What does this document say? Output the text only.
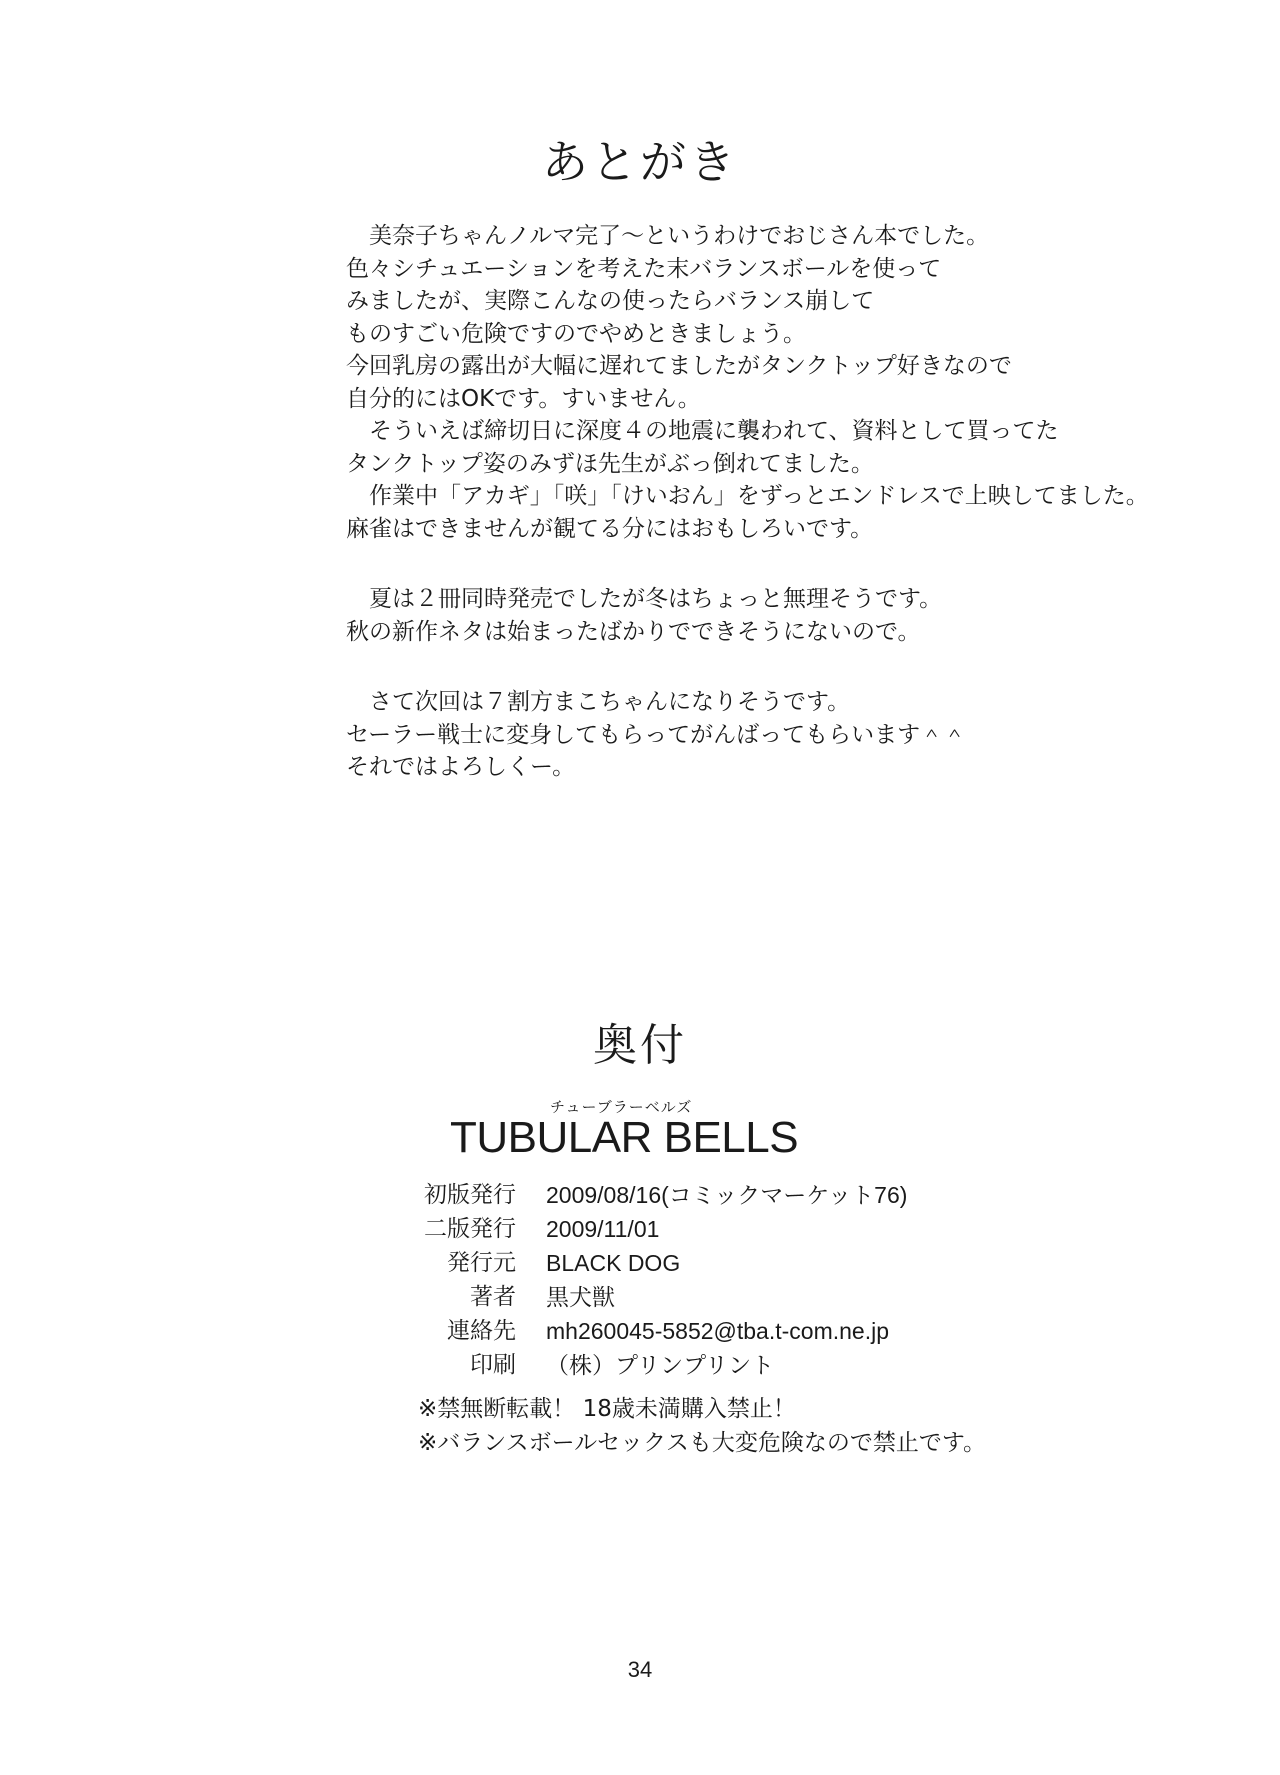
あとがき
美奈子ちゃんノルマ完了〜というわけでおじさん本でした。
色々シチュエーションを考えた末バランスボールを使って
みましたが、実際こんなの使ったらバランス崩して
ものすごい危険ですのでやめときましょう。
今回乳房の露出が大幅に遅れてましたがタンクトップ好きなので
自分的にはOKです。すいません。
そういえば締切日に深度４の地震に襲われて、資料として買ってた
タンクトップ姿のみずほ先生がぶっ倒れてました。
作業中「アカギ」「咲」「けいおん」をずっとエンドレスで上映してました。
麻雀はできませんが観てる分にはおもしろいです。
夏は２冊同時発売でしたが冬はちょっと無理そうです。
秋の新作ネタは始まったばかりでできそうにないので。
さて次回は７割方まこちゃんになりそうです。
セーラー戦士に変身してもらってがんばってもらいます＾＾
それではよろしくー。
奥付
チューブラーベルズ
TUBULAR BELLS
初版発行 2009/08/16(コミックマーケット76)
二版発行 2009/11/01
発行元 BLACK DOG
著者 黒犬獣
連絡先 mh260045-5852@tba.t-com.ne.jp
印刷 （株）プリンプリント
※禁無断転載！ 18歳未満購入禁止！
※バランスボールセックスも大変危険なので禁止です。
34
